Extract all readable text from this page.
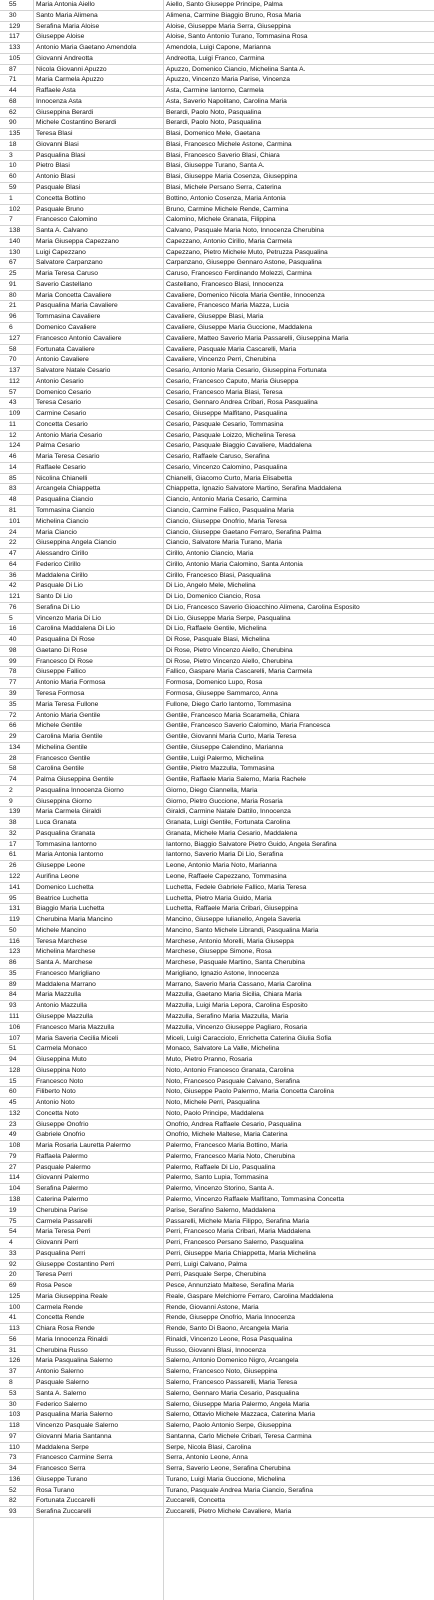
55	Maria Antonia Aiello	Aiello, Santo Giuseppe Principe, Palma
30	Santo Maria Alimena	Alimena, Carmine Biaggio Bruno, Rosa Maria
129	Serafina Maria Aloise	Aloise, Giuseppe Maria Serra, Giuseppina
117	Giuseppe Aloise	Aloise, Santo Antonio Turano, Tommasina Rosa
133	Antonio Maria Gaetano Amendola	Amendola, Luigi Capone, Marianna
105	Giovanni Andreotta	Andreotta, Luigi Franco, Carmina
87	Nicola Giovanni Apuzzo	Apuzzo, Domenico Ciancio, Michelina Santa A.
71	Maria Carmela Apuzzo	Apuzzo, Vincenzo Maria Parise, Vincenza
44	Raffaele Asta	Asta, Carmine Iantorno, Carmela
68	Innocenza Asta	Asta, Saverio Napolitano, Carolina Maria
62	Giuseppina Berardi	Berardi, Paolo Noto, Pasqualina
90	Michele Costantino Berardi	Berardi, Paolo Noto, Pasqualina
135	Teresa Blasi	Blasi, Domenico Mele, Gaetana
18	Giovanni Blasi	Blasi, Francesco Michele Astone, Carmina
3	Pasqualina Blasi	Blasi, Francesco Saverio Blasi, Chiara
10	Pietro Blasi	Blasi, Giuseppe Turano, Santa A.
60	Antonio Blasi	Blasi, Giuseppe Maria Cosenza, Giuseppina
59	Pasquale Blasi	Blasi, Michele Persano Serra, Caterina
1	Concetta Bottino	Bottino, Antonio Cosenza, Maria Antonia
102	Pasquale Bruno	Bruno, Carmine Michele Rende, Carmina
7	Francesco Calomino	Calomino, Michele Granata, Filippina
138	Santa A. Calvano	Calvano, Pasquale Maria Noto, Innocenza Cherubina
140	Maria Giuseppa Capezzano	Capezzano, Antonio Cirillo, Maria Carmela
130	Luigi Capezzano	Capezzano, Pietro Michele Muto, Petruzza Pasqualina
67	Salvatore Carpanzano	Carpanzano, Giuseppe Gennaro Astone, Pasqualina
25	Maria Teresa Caruso	Caruso, Francesco Ferdinando Molezzi, Carmina
91	Saverio Castellano	Castellano, Francesco Blasi, Innocenza
80	Maria Concetta Cavaliere	Cavaliere, Domenico Nicola Maria Gentile, Innocenza
21	Pasqualina Maria Cavaliere	Cavaliere, Francesco Maria Mazza, Lucia
96	Tommasina Cavaliere	Cavaliere, Giuseppe Blasi, Maria
6	Domenico Cavaliere	Cavaliere, Giuseppe Maria Guccione, Maddalena
127	Francesco Antonio Cavaliere	Cavaliere, Matteo Saverio Maria Passarelli, Giuseppina Maria
58	Fortunata Cavaliere	Cavaliere, Pasquale Maria Cascarelli, Maria
70	Antonio Cavaliere	Cavaliere, Vincenzo Perri, Cherubina
137	Salvatore Natale Cesario	Cesario, Antonio Maria Cesario, Giuseppina Fortunata
112	Antonio Cesario	Cesario, Francesco Caputo, Maria Giuseppa
57	Domenico Cesario	Cesario, Francesco Maria Blasi, Teresa
43	Teresa Cesario	Cesario, Gennaro Andrea Cribari, Rosa Pasqualina
109	Carmine Cesario	Cesario, Giuseppe Malfitano, Pasqualina
11	Concetta Cesario	Cesario, Pasquale Cesario, Tommasina
12	Antonio Maria Cesario	Cesario, Pasquale Loizzo, Michelina Teresa
124	Palma Cesario	Cesario, Pasquale Biaggio Cavaliere, Maddalena
46	Maria Teresa Cesario	Cesario, Raffaele Caruso, Serafina
14	Raffaele Cesario	Cesario, Vincenzo Calomino, Pasqualina
85	Nicolina Chianelli	Chianelli, Giacomo Curto, Maria Elisabetta
83	Arcangela Chiappetta	Chiappetta, Ignazio Salvatore Martino, Serafina Maddalena
48	Pasqualina Ciancio	Ciancio, Antonio Maria Cesario, Carmina
81	Tommasina Ciancio	Ciancio, Carmine Fallico, Pasqualina Maria
101	Michelina Ciancio	Ciancio, Giuseppe Onofrio, Maria Teresa
24	Maria Ciancio	Ciancio, Giuseppe Gaetano Ferraro, Serafina Palma
22	Giuseppina Angela Ciancio	Ciancio, Salvatore Maria Turano, Maria
47	Alessandro Cirillo	Cirillo, Antonio Ciancio, Maria
64	Federico Cirillo	Cirillo, Antonio Maria Calomino, Santa Antonia
36	Maddalena Cirillo	Cirillo, Francesco Blasi, Pasqualina
42	Pasquale Di Lio	Di Lio, Angelo Mele, Michelina
121	Santo Di Lio	Di Lio, Domenico Ciancio, Rosa
76	Serafina Di Lio	Di Lio, Francesco Saverio Gioacchino Alimena, Carolina Esposito
5	Vincenzo Maria Di Lio	Di Lio, Giuseppe Maria Serpe, Pasqualina
16	Carolina Maddalena Di Lio	Di Lio, Raffaele Gentile, Michelina
40	Pasqualina Di Rose	Di Rose, Pasquale Blasi, Michelina
98	Gaetano Di Rose	Di Rose, Pietro Vincenzo Aiello, Cherubina
99	Francesco Di Rose	Di Rose, Pietro Vincenzo Aiello, Cherubina
78	Giuseppe Fallico	Fallico, Gaspare Maria Cascarelli, Maria Carmela
77	Antonio Maria Formosa	Formosa, Domenico Lupo, Rosa
39	Teresa Formosa	Formosa, Giuseppe Sammarco, Anna
35	Maria Teresa Fullone	Fullone, Diego Carlo Iantorno, Tommasina
72	Antonio Maria Gentile	Gentile, Francesco Maria Scaramella, Chiara
66	Michele Gentile	Gentile, Francesco Saverio Calomino, Maria Francesca
29	Carolina Maria Gentile	Gentile, Giovanni Maria Curto, Maria Teresa
134	Michelina Gentile	Gentile, Giuseppe Calendino, Marianna
28	Francesco Gentile	Gentile, Luigi Palermo, Michelina
58	Carolina Gentile	Gentile, Pietro Mazzulla, Tommasina
74	Palma Giuseppina Gentile	Gentile, Raffaele Maria Salerno, Maria Rachele
2	Pasqualina Innocenza Giorno	Giorno, Diego Ciannella, Maria
9	Giuseppina Giorno	Giorno, Pietro Guccione, Maria Rosaria
139	Maria Carmela Giraldi	Giraldi, Carmine Natale Dattilo, Innocenza
38	Luca Granata	Granata, Luigi Gentile, Fortunata Carolina
32	Pasqualina Granata	Granata, Michele Maria Cesario, Maddalena
17	Tommasina Iantorno	Iantorno, Biaggio Salvatore Pietro Guido, Angela Serafina
61	Maria Antonia Iantorno	Iantorno, Saverio Maria Di Lio, Serafina
26	Giuseppe Leone	Leone, Antonio Maria Noto, Marianna
122	Aurifina Leone	Leone, Raffaele Capezzano, Tommasina
141	Domenico Luchetta	Luchetta, Fedele Gabriele Fallico, Maria Teresa
95	Beatrice Luchetta	Luchetta, Pietro Maria Guido, Maria
131	Biaggio Maria Luchetta	Luchetta, Raffaele Maria Cribari, Giuseppina
119	Cherubina Maria Mancino	Mancino, Giuseppe Iulianello, Angela Saveria
50	Michele Mancino	Mancino, Santo Michele Librandi, Pasqualina Maria
116	Teresa Marchese	Marchese, Antonio Morelli, Maria Giuseppa
123	Michelina Marchese	Marchese, Giuseppe Simone, Rosa
86	Santa A. Marchese	Marchese, Pasquale Martino, Santa Cherubina
35	Francesco Marigliano	Marigliano, Ignazio Astone, Innocenza
89	Maddalena Marrano	Marrano, Saverio Maria Cassano, Maria Carolina
84	Maria Mazzulla	Mazzulla, Gaetano Maria Sicilia, Chiara Maria
93	Antonio Mazzulla	Mazzulla, Luigi Maria Lepora, Carolina Esposito
111	Giuseppe Mazzulla	Mazzulla, Serafino Maria Mazzulla, Maria
106	Francesco Maria Mazzulla	Mazzulla, Vincenzo Giuseppe Pagliaro, Rosaria
107	Maria Saveria Cecilia Miceli	Miceli, Luigi Caracciolo, Enrichetta Caterina Giulia Sofia
51	Carmela Monaco	Monaco, Salvatore La Valle, Michelina
94	Giuseppina Muto	Muto, Pietro Pranno, Rosaria
128	Giuseppina Noto	Noto, Antonio Francesco Granata, Carolina
15	Francesco Noto	Noto, Francesco Pasquale Calvano, Serafina
60	Filiberto Noto	Noto, Giuseppe Paolo Palermo, Maria Concetta Carolina
45	Antonio Noto	Noto, Michele Perri, Pasqualina
132	Concetta Noto	Noto, Paolo Principe, Maddalena
23	Giuseppe Onofrio	Onofrio, Andrea Raffaele Cesario, Pasqualina
49	Gabriele Onofrio	Onofrio, Michele Maltese, Maria Caterina
108	Maria Rosaria Lauretta Palermo	Palermo, Francesco Maria Bottino, Maria
79	Raffaela Palermo	Palermo, Francesco Maria Noto, Cherubina
27	Pasquale Palermo	Palermo, Raffaele Di Lio, Pasqualina
114	Giovanni Palermo	Palermo, Santo Lupia, Tommasina
104	Serafina Palermo	Palermo, Vincenzo Storino, Santa A.
138	Caterina Palermo	Palermo, Vincenzo Raffaele Malfitano, Tommasina Concetta
19	Cherubina Parise	Parise, Serafino Salerno, Maddalena
75	Carmela Passarelli	Passarelli, Michele Maria Filippo, Serafina Maria
54	Maria Teresa Perri	Perri, Francesco Maria Cribari, Maria Maddalena
4	Giovanni Perri	Perri, Francesco Persano Salerno, Pasqualina
33	Pasqualina Perri	Perri, Giuseppe Maria Chiappetta, Maria Michelina
92	Giuseppe Costantino Perri	Perri, Luigi Calvano, Palma
20	Teresa Perri	Perri, Pasquale Serpe, Cherubina
69	Rosa Pesce	Pesce, Annunziato Maltese, Serafina Maria
125	Maria Giuseppina Reale	Reale, Gaspare Melchiorre Ferraro, Carolina Maddalena
100	Carmela Rende	Rende, Giovanni Astone, Maria
41	Concetta Rende	Rende, Giuseppe Onofrio, Maria Innocenza
113	Chiara Rosa Rende	Rende, Santo Di Baono, Arcangela Maria
56	Maria Innocenza Rinaldi	Rinaldi, Vincenzo Leone, Rosa Pasqualina
31	Cherubina Russo	Russo, Giovanni Blasi, Innocenza
126	Maria Pasqualina Salerno	Salerno, Antonio Domenico Nigro, Arcangela
37	Antonio Salerno	Salerno, Francesco Noto, Giuseppina
8	Pasquale Salerno	Salerno, Francesco Passarelli, Maria Teresa
53	Santa A. Salerno	Salerno, Gennaro Maria Cesario, Pasqualina
30	Federico Salerno	Salerno, Giuseppe Maria Palermo, Angela Maria
103	Pasqualina Maria Salerno	Salerno, Ottavio Michele Mazzaca, Caterina Maria
118	Vincenzo Pasquale Salerno	Salerno, Paolo Antonio Serpe, Giuseppina
97	Giovanni Maria Santanna	Santanna, Carlo Michele Cribari, Teresa Carmina
110	Maddalena Serpe	Serpe, Nicola Blasi, Carolina
73	Francesco Carmine Serra	Serra, Antonio Leone, Anna
34	Francesco Serra	Serra, Saverio Leone, Serafina Cherubina
136	Giuseppe Turano	Turano, Luigi Maria Guccione, Michelina
52	Rosa Turano	Turano, Pasquale Andrea Maria Ciancio, Serafina
82	Fortunata Zuccarelli	Zuccarelli, Concetta
93	Serafina Zuccarelli	Zuccarelli, Pietro Michele Cavaliere, Maria
